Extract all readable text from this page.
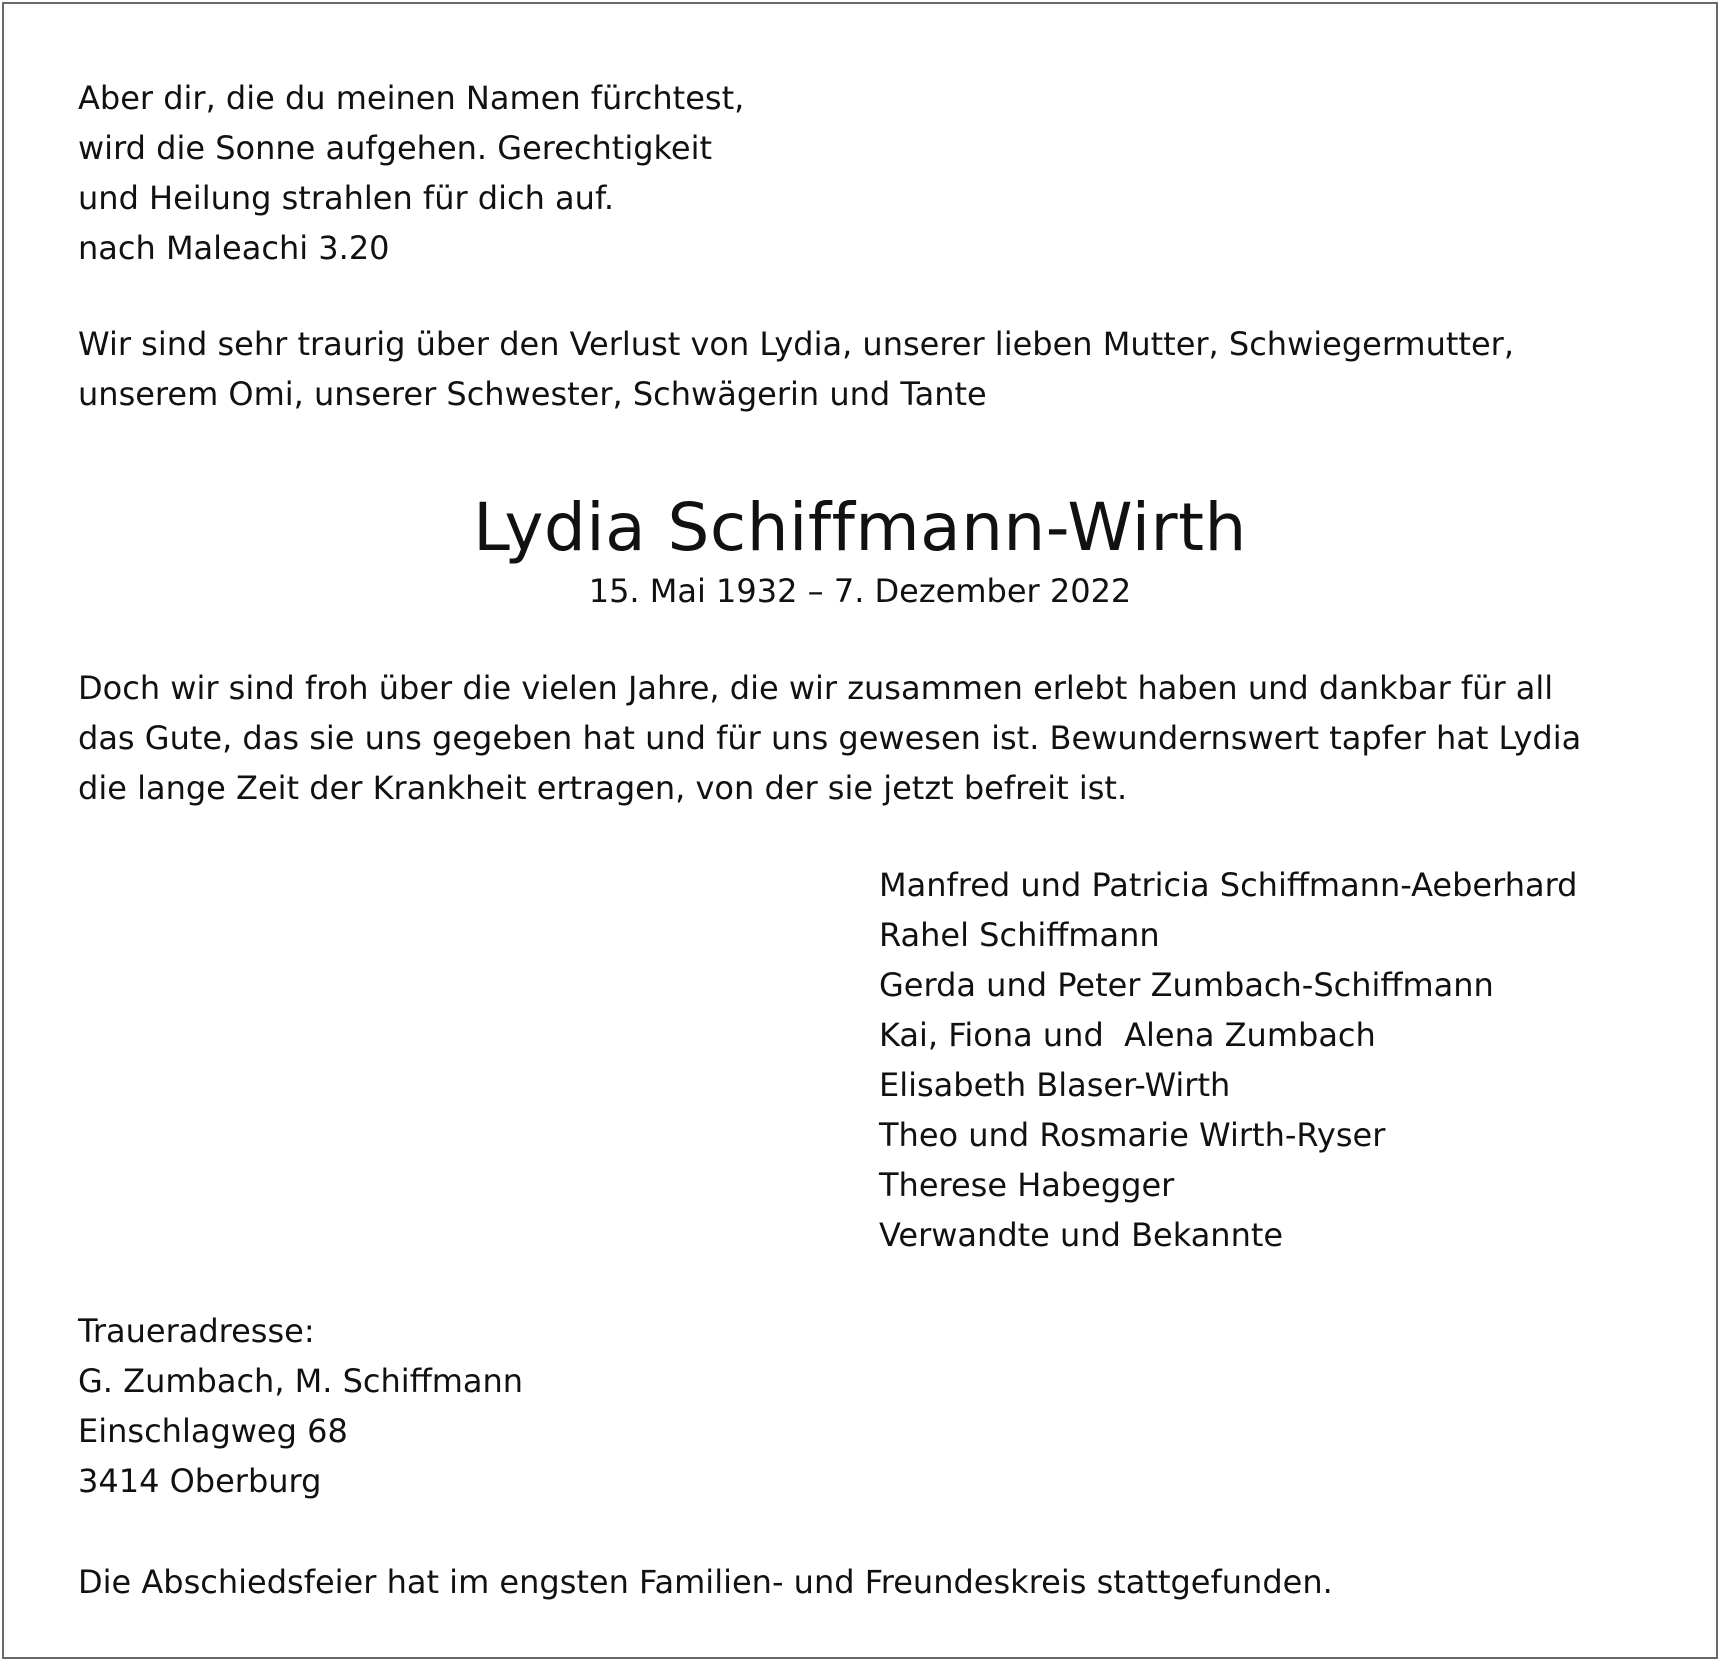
Aber dir, die du meinen Namen fürchtest,
wird die Sonne aufgehen. Gerechtigkeit
und Heilung strahlen für dich auf.
nach Maleachi 3.20
Wir sind sehr traurig über den Verlust von Lydia, unserer lieben Mutter, Schwiegermutter,
unserem Omi, unserer Schwester, Schwägerin und Tante
Lydia Schiffmann-Wirth
15. Mai 1932 – 7. Dezember 2022
Doch wir sind froh über die vielen Jahre, die wir zusammen erlebt haben und dankbar für all
das Gute, das sie uns gegeben hat und für uns gewesen ist. Bewundernswert tapfer hat Lydia
die lange Zeit der Krankheit ertragen, von der sie jetzt befreit ist.
Manfred und Patricia Schiffmann-Aeberhard
Rahel Schiffmann
Gerda und Peter Zumbach-Schiffmann
Kai, Fiona und  Alena Zumbach
Elisabeth Blaser-Wirth
Theo und Rosmarie Wirth-Ryser
Therese Habegger
Verwandte und Bekannte
Traueradresse:
G. Zumbach, M. Schiffmann
Einschlagweg 68
3414 Oberburg
Die Abschiedsfeier hat im engsten Familien- und Freundeskreis stattgefunden.
